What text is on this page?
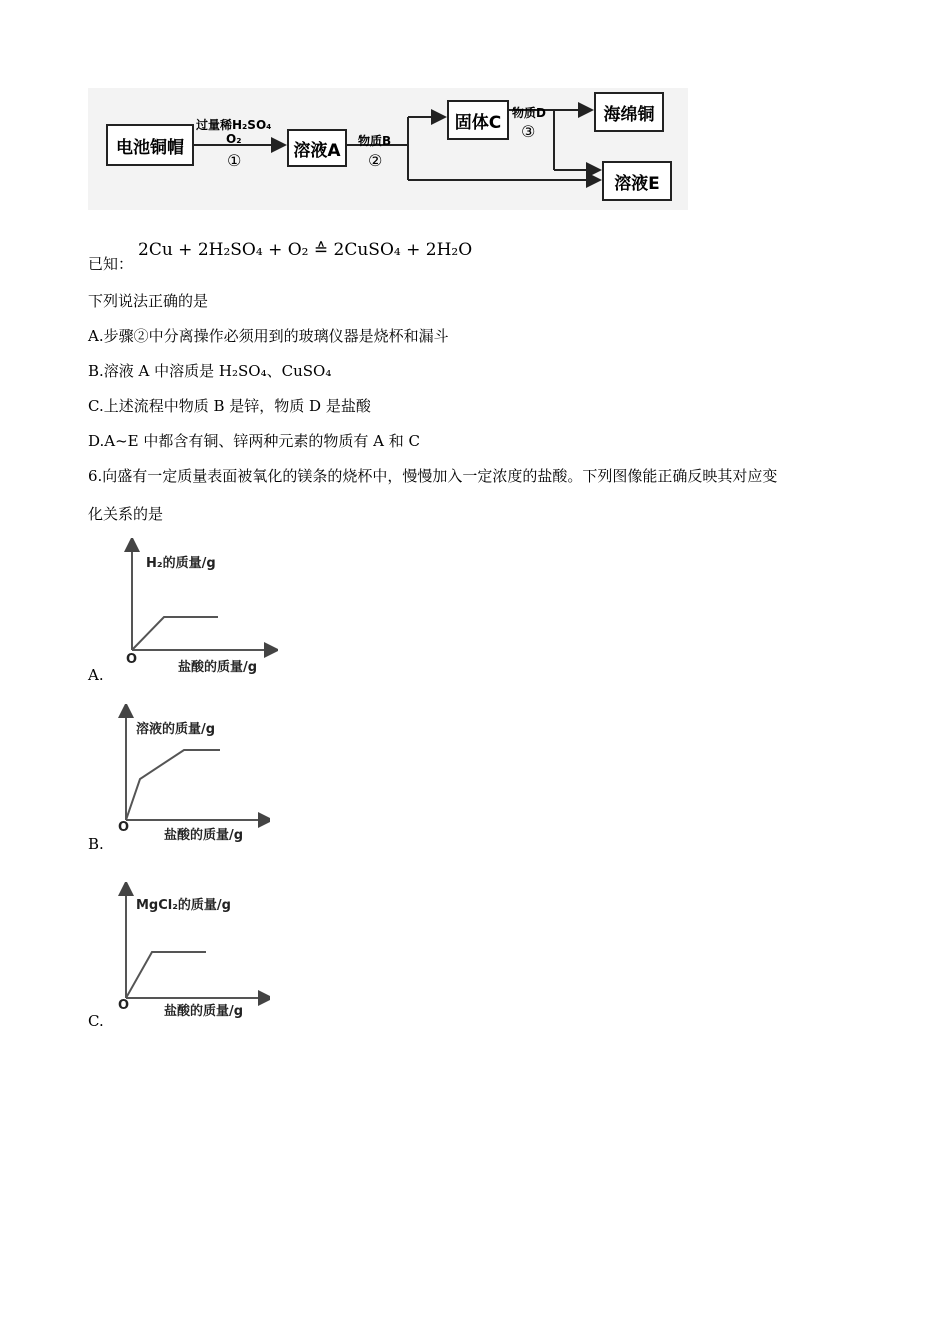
电池铜帽	溶液A
固体C	海绵铜
溶液E
过量稀H₂SO₄
O₂
①
物质B
②
物质D
③
已知：
2Cu + 2H₂SO₄ + O₂ ≙ 2CuSO₄ + 2H₂O
下列说法正确的是
A.步骤②中分离操作必须用到的玻璃仪器是烧杯和漏斗
B.溶液 A 中溶质是 H₂SO₄、CuSO₄
C.上述流程中物质 B 是锌，物质 D 是盐酸
D.A~E 中都含有铜、锌两种元素的物质有 A 和 C
6.向盛有一定质量表面被氧化的镁条的烧杯中，慢慢加入一定浓度的盐酸。下列图像能正确反映其对应变
化关系的是
H₂的质量/g
O
盐酸的质量/g
A.
溶液的质量/g
O
盐酸的质量/g
B.
MgCl₂的质量/g
O	盐酸的质量/g
C.
